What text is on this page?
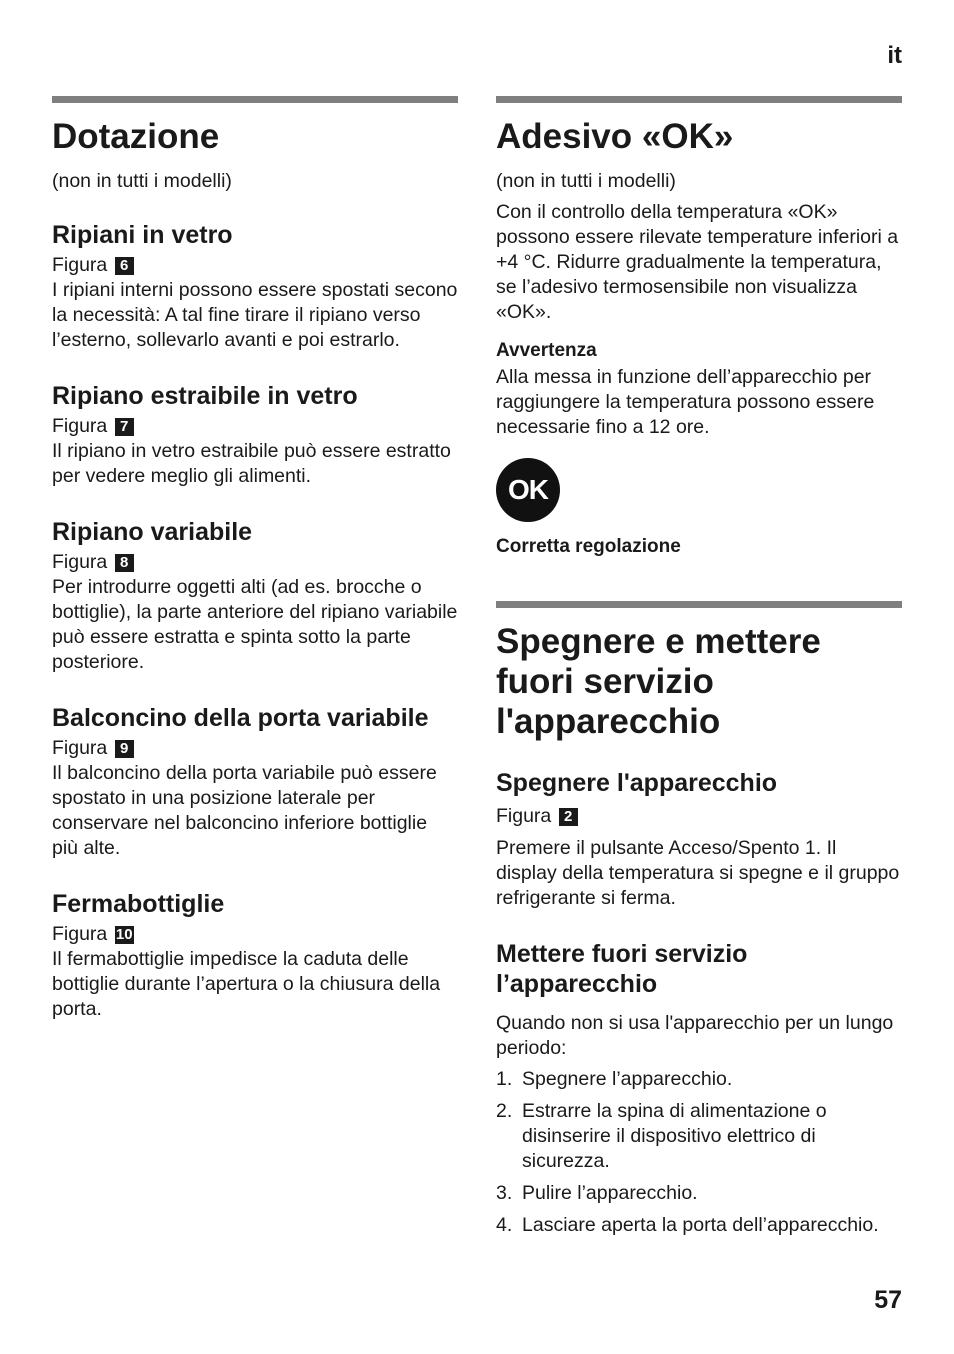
it
Dotazione

(non in tutti i modelli)

Ripiani in vetro

Figura 6

I ripiani interni possono essere spostati secono la necessità: A tal fine tirare il ripiano verso l’esterno, sollevarlo avanti e poi estrarlo.

Ripiano estraibile in vetro

Figura 7

Il ripiano in vetro estraibile può essere estratto per vedere meglio gli alimenti.

Ripiano variabile

Figura 8

Per introdurre oggetti alti (ad es. brocche o bottiglie), la parte anteriore del ripiano variabile può essere estratta e spinta sotto la parte posteriore.

Balconcino della porta variabile

Figura 9

Il balconcino della porta variabile può essere spostato in una posizione laterale per conservare nel balconcino inferiore bottiglie più alte.

Fermabottiglie

Figura 10

Il fermabottiglie impedisce la caduta delle bottiglie durante l’apertura o la chiusura della porta.

Adesivo «OK»

(non in tutti i modelli)

Con il controllo della temperatura «OK» possono essere rilevate temperature inferiori a +4 °C. Ridurre gradualmente la temperatura, se l’adesivo termosensibile non visualizza «OK».

Avvertenza

Alla messa in funzione dell’apparecchio per raggiungere la temperatura possono essere necessarie fino a 12 ore.

OK
Corretta regolazione
Spegnere e mettere fuori servizio l'apparecchio
Spegnere l'apparecchio

Figura 2

Premere il pulsante Acceso/Spento 1. Il display della temperatura si spegne e il gruppo refrigerante si ferma.

Mettere fuori servizio l’apparecchio

Quando non si usa l'apparecchio per un lungo periodo:

1. Spegnere l’apparecchio.
2. Estrarre la spina di alimentazione o disinserire il dispositivo elettrico di sicurezza.
3. Pulire l’apparecchio.
4. Lasciare aperta la porta dell’apparecchio.
57
